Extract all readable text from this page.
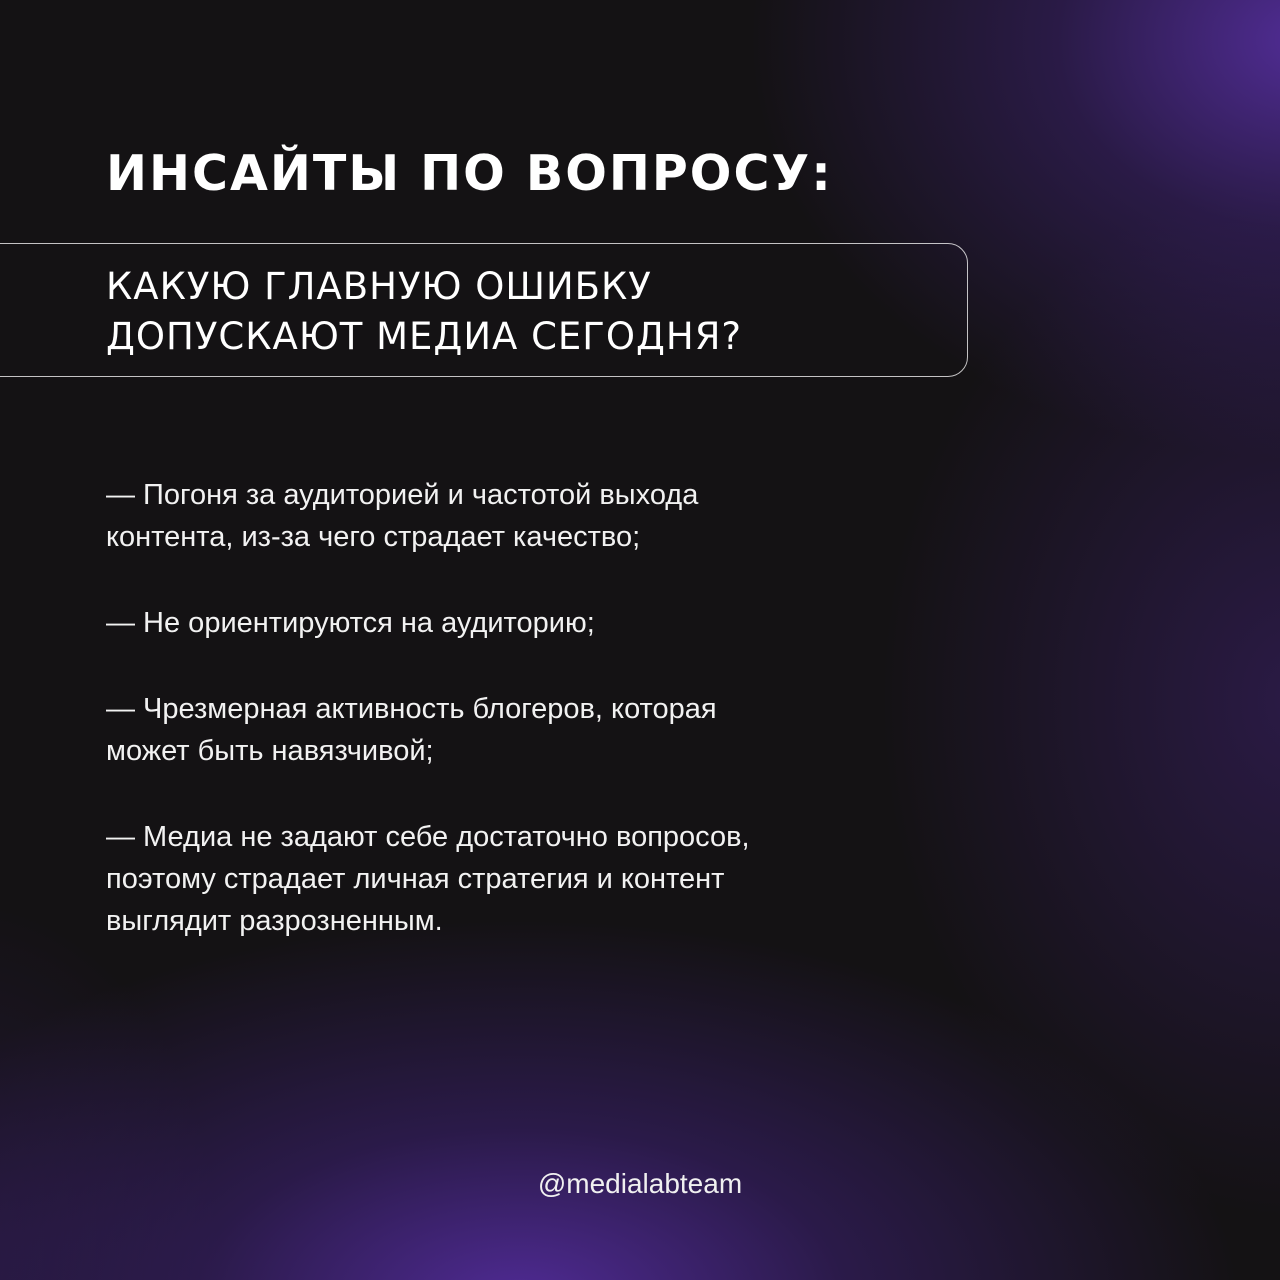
ИНСАЙТЫ ПО ВОПРОСУ:

КАКУЮ ГЛАВНУЮ ОШИБКУ
ДОПУСКАЮТ МЕДИА СЕГОДНЯ?

— Погоня за аудиторией и частотой выхода
контента, из-за чего страдает качество;
— Не ориентируются на аудиторию;
— Чрезмерная активность блогеров, которая
может быть навязчивой;
— Медиа не задают себе достаточно вопросов,
поэтому страдает личная стратегия и контент
выглядит разрозненным.
@medialabteam
